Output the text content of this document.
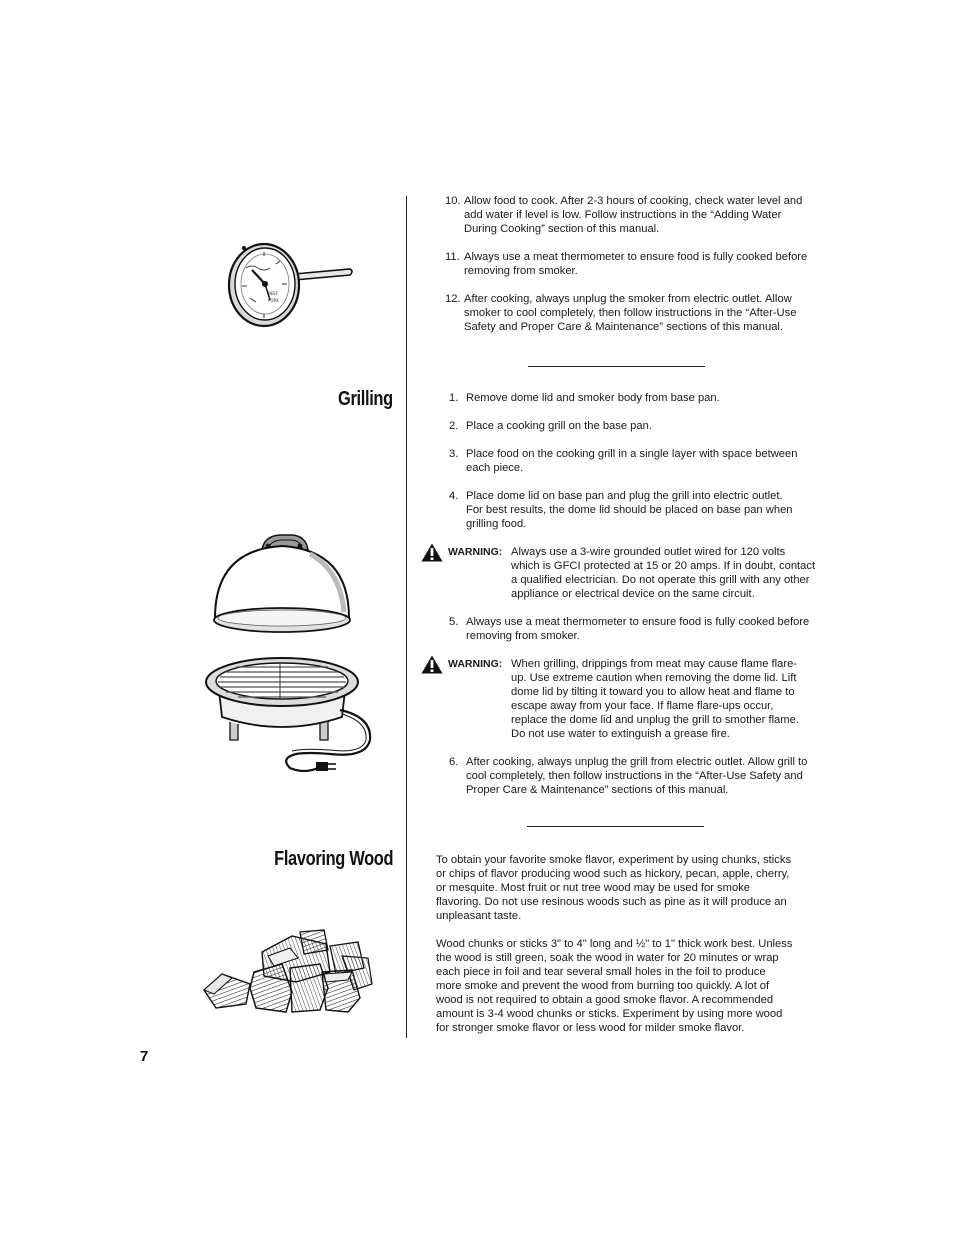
10. Allow food to cook. After 2-3 hours of cooking, check water level and add water if level is low. Follow instructions in the “Adding Water During Cooking” section of this manual.
11. Always use a meat thermometer to ensure food is fully cooked before removing from smoker.
12. After cooking, always unplug the smoker from electric outlet. Allow smoker to cool completely, then follow instructions in the “After-Use Safety and Proper Care & Maintenance” sections of this manual.
Grilling	1. Remove dome lid and smoker body from base pan.
2. Place a cooking grill on the base pan.
3. Place food on the cooking grill in a single layer with space between each piece.
4. Place dome lid on base pan and plug the grill into electric outlet. For best results, the dome lid should be placed on base pan when grilling food.
WARNING: Always use a 3-wire grounded outlet wired for 120 volts which is GFCI protected at 15 or 20 amps. If in doubt, contact a qualified electrician. Do not operate this grill with any other appliance or electrical device on the same circuit.
5. Always use a meat thermometer to ensure food is fully cooked before removing from smoker.
WARNING: When grilling, drippings from meat may cause flame flare-up. Use extreme caution when removing the dome lid. Lift dome lid by tilting it toward you to allow heat and flame to escape away from your face. If flame flare-ups occur, replace the dome lid and unplug the grill to smother flame. Do not use water to extinguish a grease fire.
6. After cooking, always unplug the grill from electric outlet. Allow grill to cool completely, then follow instructions in the “After-Use Safety and Proper Care & Maintenance” sections of this manual.
Flavoring Wood	To obtain your favorite smoke flavor, experiment by using chunks, sticks or chips of flavor producing wood such as hickory, pecan, apple, cherry, or mesquite. Most fruit or nut tree wood may be used for smoke flavoring. Do not use resinous woods such as pine as it will produce an unpleasant taste.
Wood chunks or sticks 3" to 4" long and ½" to 1" thick work best. Unless the wood is still green, soak the wood in water for 20 minutes or wrap each piece in foil and tear several small holes in the foil to produce more smoke and prevent the wood from burning too quickly. A lot of wood is not required to obtain a good smoke flavor. A recommended amount is 3-4 wood chunks or sticks. Experiment by using more wood for stronger smoke flavor or less wood for milder smoke flavor.
7
BEEF
PORK
